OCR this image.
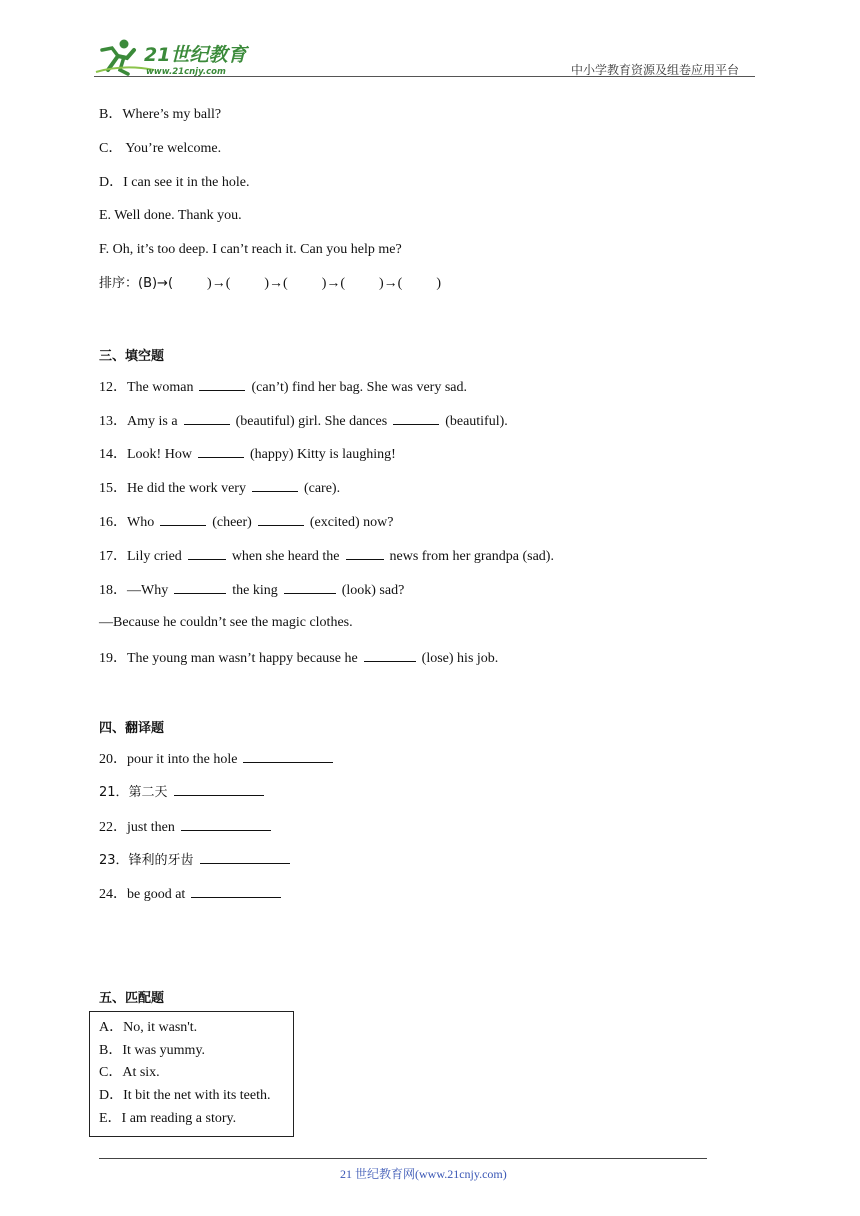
21世纪教育
www.21cnjy.com	中小学教育资源及组卷应用平台
B．Where’s my ball?
C． You’re welcome.
D．I can see it in the hole.
E. Well done. Thank you.
F. Oh, it’s too deep. I can’t reach it. Can you help me?
排序：(B)→( )→( )→( )→( )→( )
三、填空题
12．The woman	(can’t) find her bag. She was very sad.
13．Amy is a	(beautiful) girl. She dances	(beautiful).
14．Look! How	(happy) Kitty is laughing!
15．He did the work very	(care).
16．Who	(cheer)	(excited) now?
17．Lily cried	when she heard the	news from her grandpa (sad).
18．—Why	the king	(look) sad?
—Because he couldn’t see the magic clothes.
19．The young man wasn’t happy because he	(lose) his job.
四、翻译题
20．pour it into the hole
21．第二天
22．just then
23．锋利的牙齿
24．be good at
五、匹配题
A．No, it wasn't.
B．It was yummy.
C．At six.
D．It bit the net with its teeth.
E．I am reading a story.
21 世纪教育网(www.21cnjy.com)
